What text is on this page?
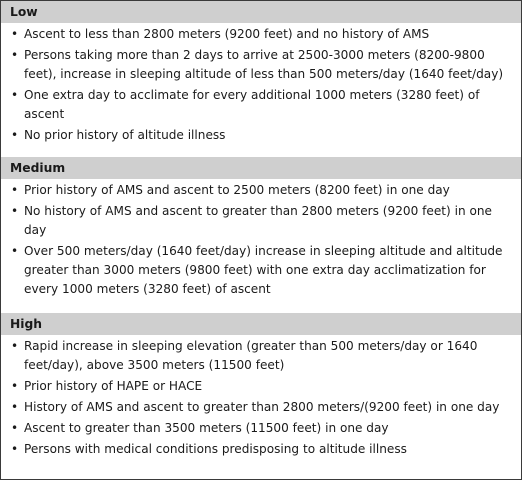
Low
• Ascent to less than 2800 meters (9200 feet) and no history of AMS
• Persons taking more than 2 days to arrive at 2500-3000 meters (8200-9800 feet), increase in sleeping altitude of less than 500 meters/day (1640 feet/day)
• One extra day to acclimate for every additional 1000 meters (3280 feet) of ascent
• No prior history of altitude illness
Medium
• Prior history of AMS and ascent to 2500 meters (8200 feet) in one day
• No history of AMS and ascent to greater than 2800 meters (9200 feet) in one day
• Over 500 meters/day (1640 feet/day) increase in sleeping altitude and altitude greater than 3000 meters (9800 feet) with one extra day acclimatization for every 1000 meters (3280 feet) of ascent
High
• Rapid increase in sleeping elevation (greater than 500 meters/day or 1640 feet/day), above 3500 meters (11500 feet)
• Prior history of HAPE or HACE
• History of AMS and ascent to greater than 2800 meters/(9200 feet) in one day
• Ascent to greater than 3500 meters (11500 feet) in one day
• Persons with medical conditions predisposing to altitude illness
